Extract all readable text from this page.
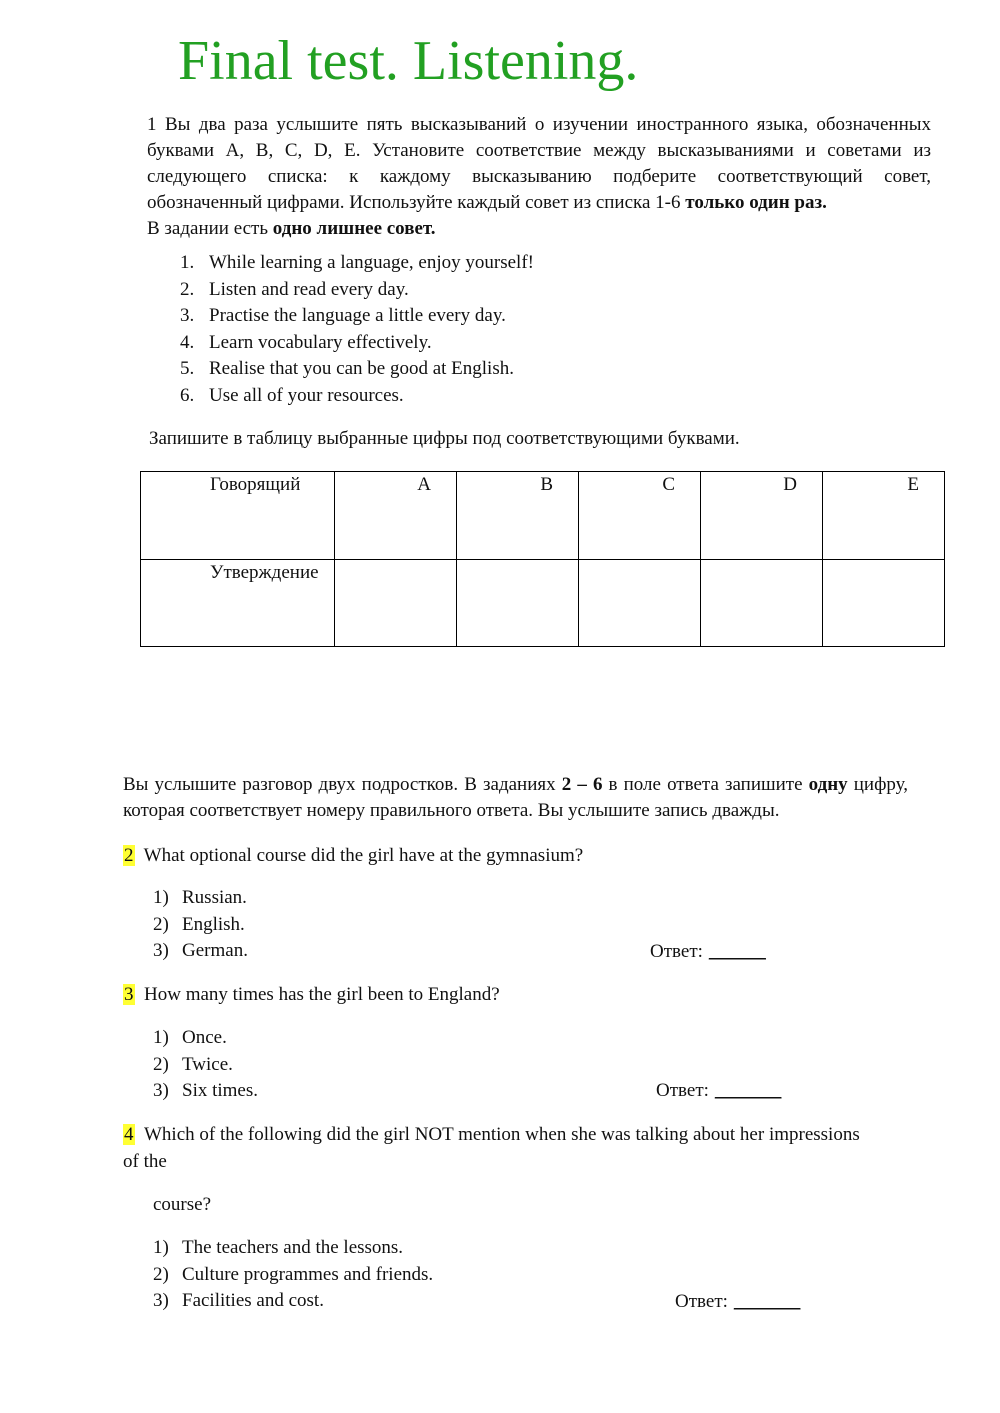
Final test. Listening.

1 Вы два раза услышите пять высказываний о изучении иностранного языка, обозначенных буквами A, B, C, D, E. Установите соответствие между высказываниями и советами из следующего списка: к каждому высказыванию подберите соответствующий совет, обозначенный цифрами. Используйте каждый совет из списка 1-6 только один раз.

В задании есть одно лишнее совет.

1. While learning a language, enjoy yourself!
2. Listen and read every day.
3. Practise the language a little every day.
4. Learn vocabulary effectively.
5. Realise that you can be good at English.
6. Use all of your resources.
Запишите в таблицу выбранные цифры под соответствующими буквами.
Говорящий	A	B	C	D	E
Утверждение					
Вы услышите разговор двух подростков. В заданиях 2 – 6 в поле ответа запишите одну цифру, которая соответствует номеру правильного ответа. Вы услышите запись дважды.
2 What optional course did the girl have at the gymnasium?
1) Russian.
2) English.
3) German.	Ответ: ______
3 How many times has the girl been to England?
1) Once.
2) Twice.
3) Six times.	Ответ: _______
4 Which of the following did the girl NOT mention when she was talking about her impressions
of the
course?
1) The teachers and the lessons.
2) Culture programmes and friends.
3) Facilities and cost.	Ответ: _______
